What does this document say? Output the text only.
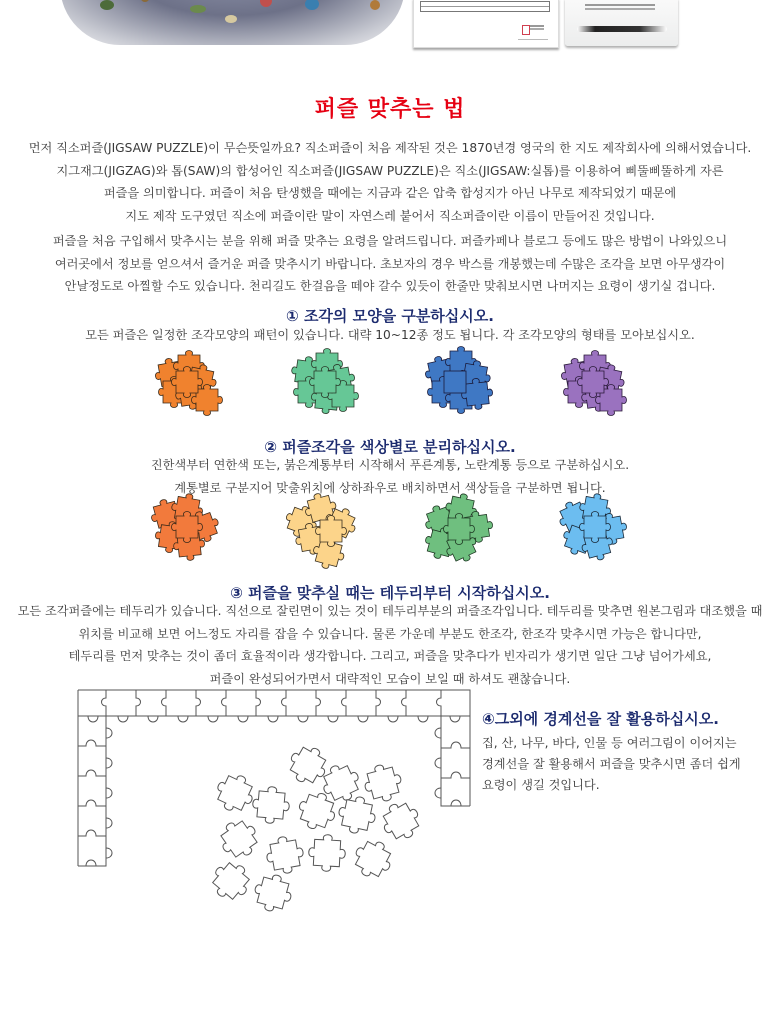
퍼즐 맞추는 법
먼저 직소퍼즐(JIGSAW PUZZLE)이 무슨뜻일까요? 직소퍼즐이 처음 제작된 것은 1870년경 영국의 한 지도 제작회사에 의해서였습니다.
지그재그(JIGZAG)와 톱(SAW)의 합성어인 직소퍼즐(JIGSAW PUZZLE)은 직소(JIGSAW:실톱)를 이용하여 삐뚤삐뚤하게 자른
퍼즐을 의미합니다. 퍼즐이 처음 탄생했을 때에는 지금과 같은 압축 합성지가 아닌 나무로 제작되었기 때문에
지도 제작 도구였던 직소에 퍼즐이란 말이 자연스레 붙어서 직소퍼즐이란 이름이 만들어진 것입니다.
퍼즐을 처음 구입해서 맞추시는 분을 위해 퍼즐 맞추는 요령을 알려드립니다. 퍼즐카페나 블로그 등에도 많은 방법이 나와있으니
여러곳에서 정보를 얻으셔서 즐거운 퍼즐 맞추시기 바랍니다. 초보자의 경우 박스를 개봉했는데 수많은 조각을 보면 아무생각이
안날정도로 아찔할 수도 있습니다. 천리길도 한걸음을 떼야 갈수 있듯이 한줄만 맞춰보시면 나머지는 요령이 생기실 겁니다.
① 조각의 모양을 구분하십시오.
모든 퍼즐은 일정한 조각모양의 패턴이 있습니다. 대략 10~12종 정도 됩니다. 각 조각모양의 형태를 모아보십시오.
② 퍼즐조각을 색상별로 분리하십시오.
진한색부터 연한색 또는, 붉은계통부터 시작해서 푸른계통, 노란계통 등으로 구분하십시오.
계통별로 구분지어 맞출위치에 상하좌우로 배치하면서 색상들을 구분하면 됩니다.
③ 퍼즐을 맞추실 때는 테두리부터 시작하십시오.
모든 조각퍼즐에는 테두리가 있습니다. 직선으로 잘린면이 있는 것이 테두리부분의 퍼즐조각입니다. 테두리를 맞추면 원본그림과 대조했을 때
위치를 비교해 보면 어느정도 자리를 잡을 수 있습니다. 물론 가운데 부분도 한조각, 한조각 맞추시면 가능은 합니다만,
테두리를 먼저 맞추는 것이 좀더 효율적이라 생각합니다. 그리고, 퍼즐을 맞추다가 빈자리가 생기면 일단 그냥 넘어가세요,
퍼즐이 완성되어가면서 대략적인 모습이 보일 때 하셔도 괜찮습니다.
④그외에 경계선을 잘 활용하십시오.
집, 산, 나무, 바다, 인물 등 여러그림이 이어지는
경계선을 잘 활용해서 퍼즐을 맞추시면 좀더 쉽게
요령이 생길 것입니다.
